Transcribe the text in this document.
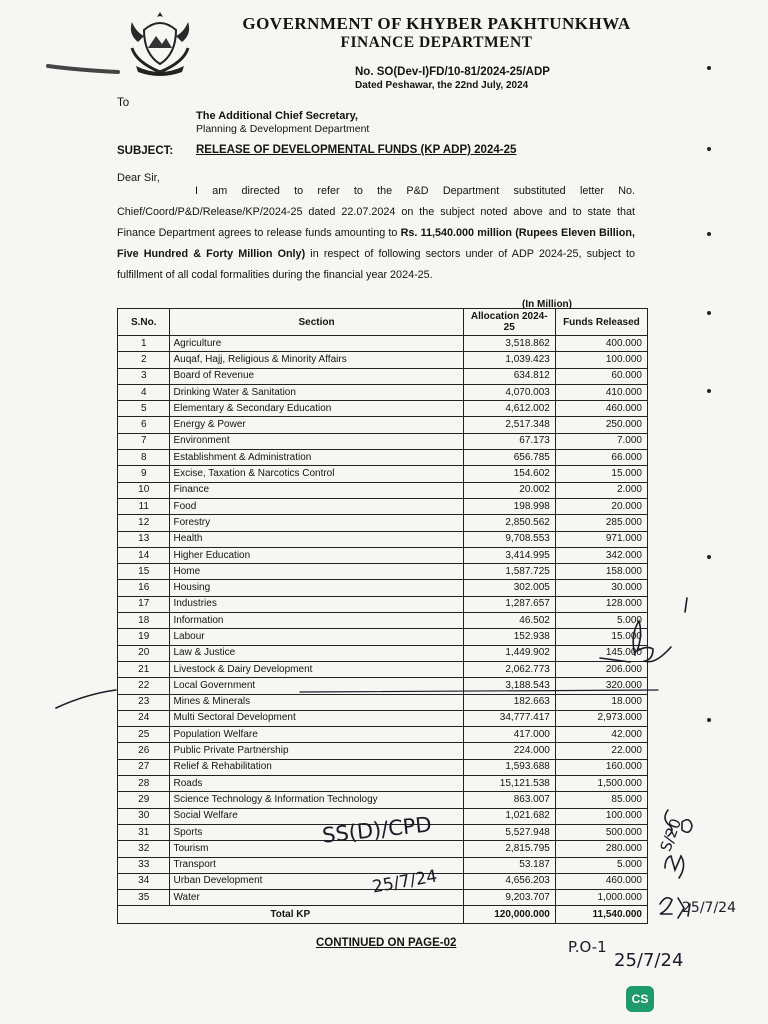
GOVERNMENT OF KHYBER PAKHTUNKHWA
FINANCE DEPARTMENT
No. SO(Dev-I)FD/10-81/2024-25/ADP
Dated Peshawar, the 22nd July, 2024
To
The Additional Chief Secretary,
Planning & Development Department
SUBJECT: RELEASE OF DEVELOPMENTAL FUNDS (KP ADP) 2024-25
Dear Sir,
I am directed to refer to the P&D Department substituted letter No. Chief/Coord/P&D/Release/KP/2024-25 dated 22.07.2024 on the subject noted above and to state that Finance Department agrees to release funds amounting to Rs. 11,540.000 million (Rupees Eleven Billion, Five Hundred & Forty Million Only) in respect of following sectors under of ADP 2024-25, subject to fulfillment of all codal formalities during the financial year 2024-25.
(In Million)
S.No.	Section	Allocation 2024-25	Funds Released
1	Agriculture	3,518.862	400.000
2	Auqaf, Hajj, Religious & Minority Affairs	1,039.423	100.000
3	Board of Revenue	634.812	60.000
4	Drinking Water & Sanitation	4,070.003	410.000
5	Elementary & Secondary Education	4,612.002	460.000
6	Energy & Power	2,517.348	250.000
7	Environment	67.173	7.000
8	Establishment & Administration	656.785	66.000
9	Excise, Taxation & Narcotics Control	154.602	15.000
10	Finance	20.002	2.000
11	Food	198.998	20.000
12	Forestry	2,850.562	285.000
13	Health	9,708.553	971.000
14	Higher Education	3,414.995	342.000
15	Home	1,587.725	158.000
16	Housing	302.005	30.000
17	Industries	1,287.657	128.000
18	Information	46.502	5.000
19	Labour	152.938	15.000
20	Law & Justice	1,449.902	145.000
21	Livestock & Dairy Development	2,062.773	206.000
22	Local Government	3,188.543	320.000
23	Mines & Minerals	182.663	18.000
24	Multi Sectoral Development	34,777.417	2,973.000
25	Population Welfare	417.000	42.000
26	Public Private Partnership	224.000	22.000
27	Relief & Rehabilitation	1,593.688	160.000
28	Roads	15,121.538	1,500.000
29	Science Technology & Information Technology	863.007	85.000
30	Social Welfare	1,021.682	100.000
31	Sports	5,527.948	500.000
32	Tourism	2,815.795	280.000
33	Transport	53.187	5.000
34	Urban Development	4,656.203	460.000
35	Water	9,203.707	1,000.000
Total KP		120,000.000	11,540.000
CONTINUED ON PAGE-02
SS(D)/CPD
25/7/24
P.O-1
25/7/24
S/20
25/7/24
CS
